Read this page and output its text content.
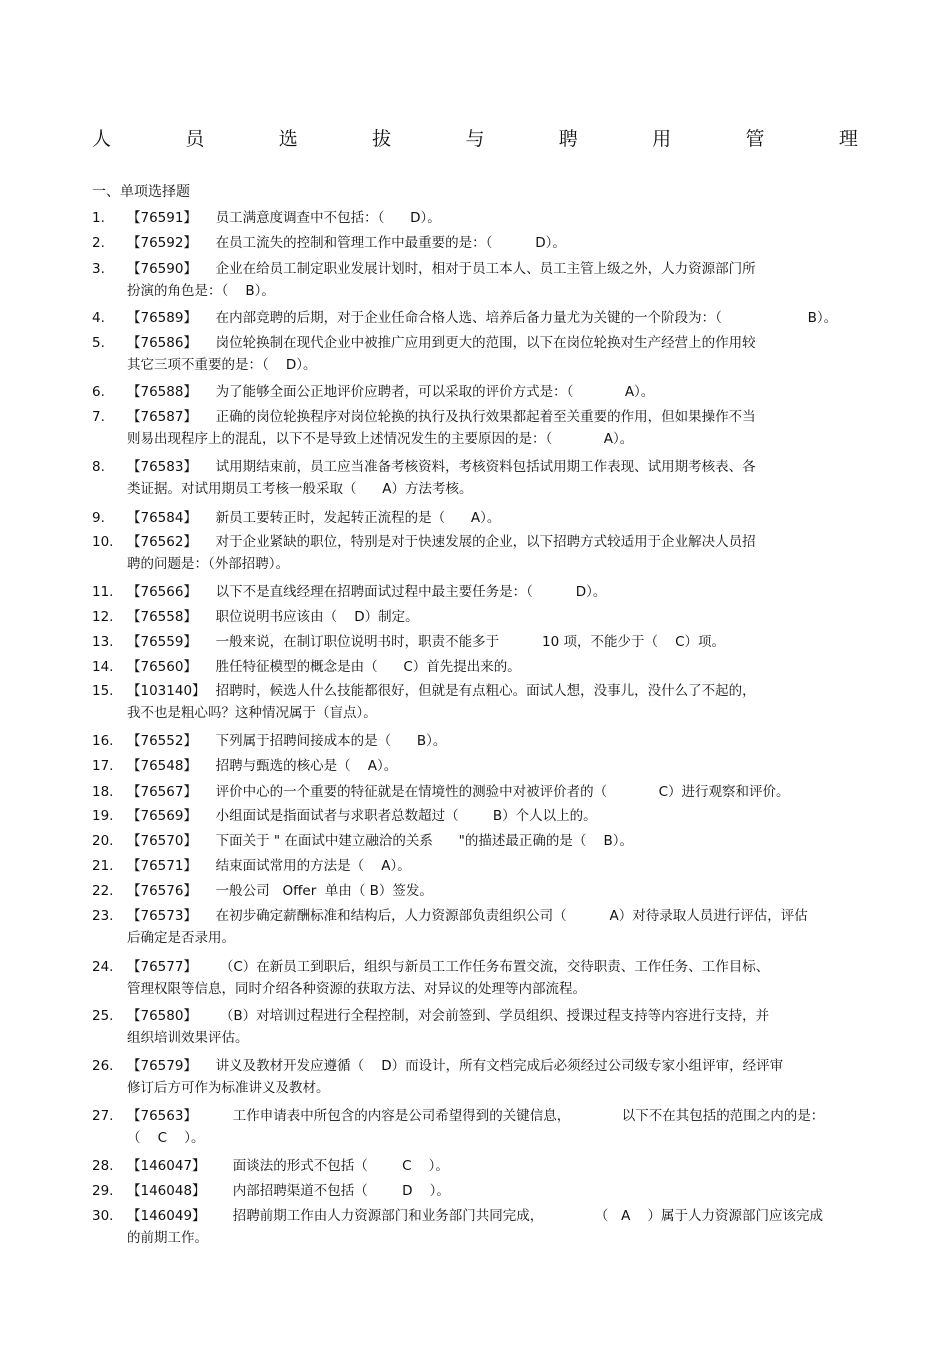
人	员	选	拔	与	聘	用	管	理
一、单项选择题
1.	【76591】 员工满意度调查中不包括：（      D）。
2.	【76592】 在员工流失的控制和管理工作中最重要的是：（          D）。
3.	【76590】 企业在给员工制定职业发展计划时，相对于员工本人、员工主管上级之外，人力资源部门所
扮演的角色是：（    B）。
4.	【76589】 在内部竞聘的后期，对于企业任命合格人选、培养后备力量尤为关键的一个阶段为：（                    B）。
5.	【76586】 岗位轮换制在现代企业中被推广应用到更大的范围，以下在岗位轮换对生产经营上的作用较
其它三项不重要的是：（    D）。
6.	【76588】 为了能够全面公正地评价应聘者，可以采取的评价方式是：（            A）。
7.	【76587】 正确的岗位轮换程序对岗位轮换的执行及执行效果都起着至关重要的作用，但如果操作不当
则易出现程序上的混乱，以下不是导致上述情况发生的主要原因的是：（            A）。
8.	【76583】 试用期结束前，员工应当准备考核资料，考核资料包括试用期工作表现、试用期考核表、各
类证据。对试用期员工考核一般采取（      A）方法考核。
9.	【76584】 新员工要转正时，发起转正流程的是（      A）。
10.	【76562】 对于企业紧缺的职位，特别是对于快速发展的企业，以下招聘方式较适用于企业解决人员招
聘的问题是：（外部招聘）。
11.	【76566】 以下不是直线经理在招聘面试过程中最主要任务是：（          D）。
12.	【76558】 职位说明书应该由（    D）制定。
13.	【76559】 一般来说，在制订职位说明书时，职责不能多于          10 项，不能少于（    C）项。
14.	【76560】 胜任特征模型的概念是由（      C）首先提出来的。
15.	【103140】 招聘时，候选人什么技能都很好，但就是有点粗心。面试人想，没事儿，没什么了不起的，
我不也是粗心吗？这种情况属于（盲点）。
16.	【76552】 下列属于招聘间接成本的是（      B）。
17.	【76548】 招聘与甄选的核心是（    A）。
18.	【76567】 评价中心的一个重要的特征就是在情境性的测验中对被评价者的（            C）进行观察和评价。
19.	【76569】 小组面试是指面试者与求职者总数超过（        B）个人以上的。
20.	【76570】 下面关于 " 在面试中建立融洽的关系      "的描述最正确的是（    B）。
21.	【76571】 结束面试常用的方法是（    A）。
22.	【76576】 一般公司   Offer  单由（ B）签发。
23.	【76573】 在初步确定薪酬标准和结构后，人力资源部负责组织公司（          A）对待录取人员进行评估，评估
后确定是否录用。
24.	【76577】 （C）在新员工到职后，组织与新员工工作任务布置交流，交待职责、工作任务、工作目标、
管理权限等信息，同时介绍各种资源的获取方法、对异议的处理等内部流程。
25.	【76580】 （B）对培训过程进行全程控制，对会前签到、学员组织、授课过程支持等内容进行支持，并
组织培训效果评估。
26.	【76579】 讲义及教材开发应遵循（    D）而设计，所有文档完成后必须经过公司级专家小组评审，经评审
修订后方可作为标准讲义及教材。
27.	【76563】 工作申请表中所包含的内容是公司希望得到的关键信息，            以下不在其包括的范围之内的是：
（    C    ）。
28.	【146047】 面谈法的形式不包括（        C    ）。
29.	【146048】 内部招聘渠道不包括（        D    ）。
30.	【146049】 招聘前期工作由人力资源部门和业务部门共同完成，            （   A    ）属于人力资源部门应该完成
的前期工作。
